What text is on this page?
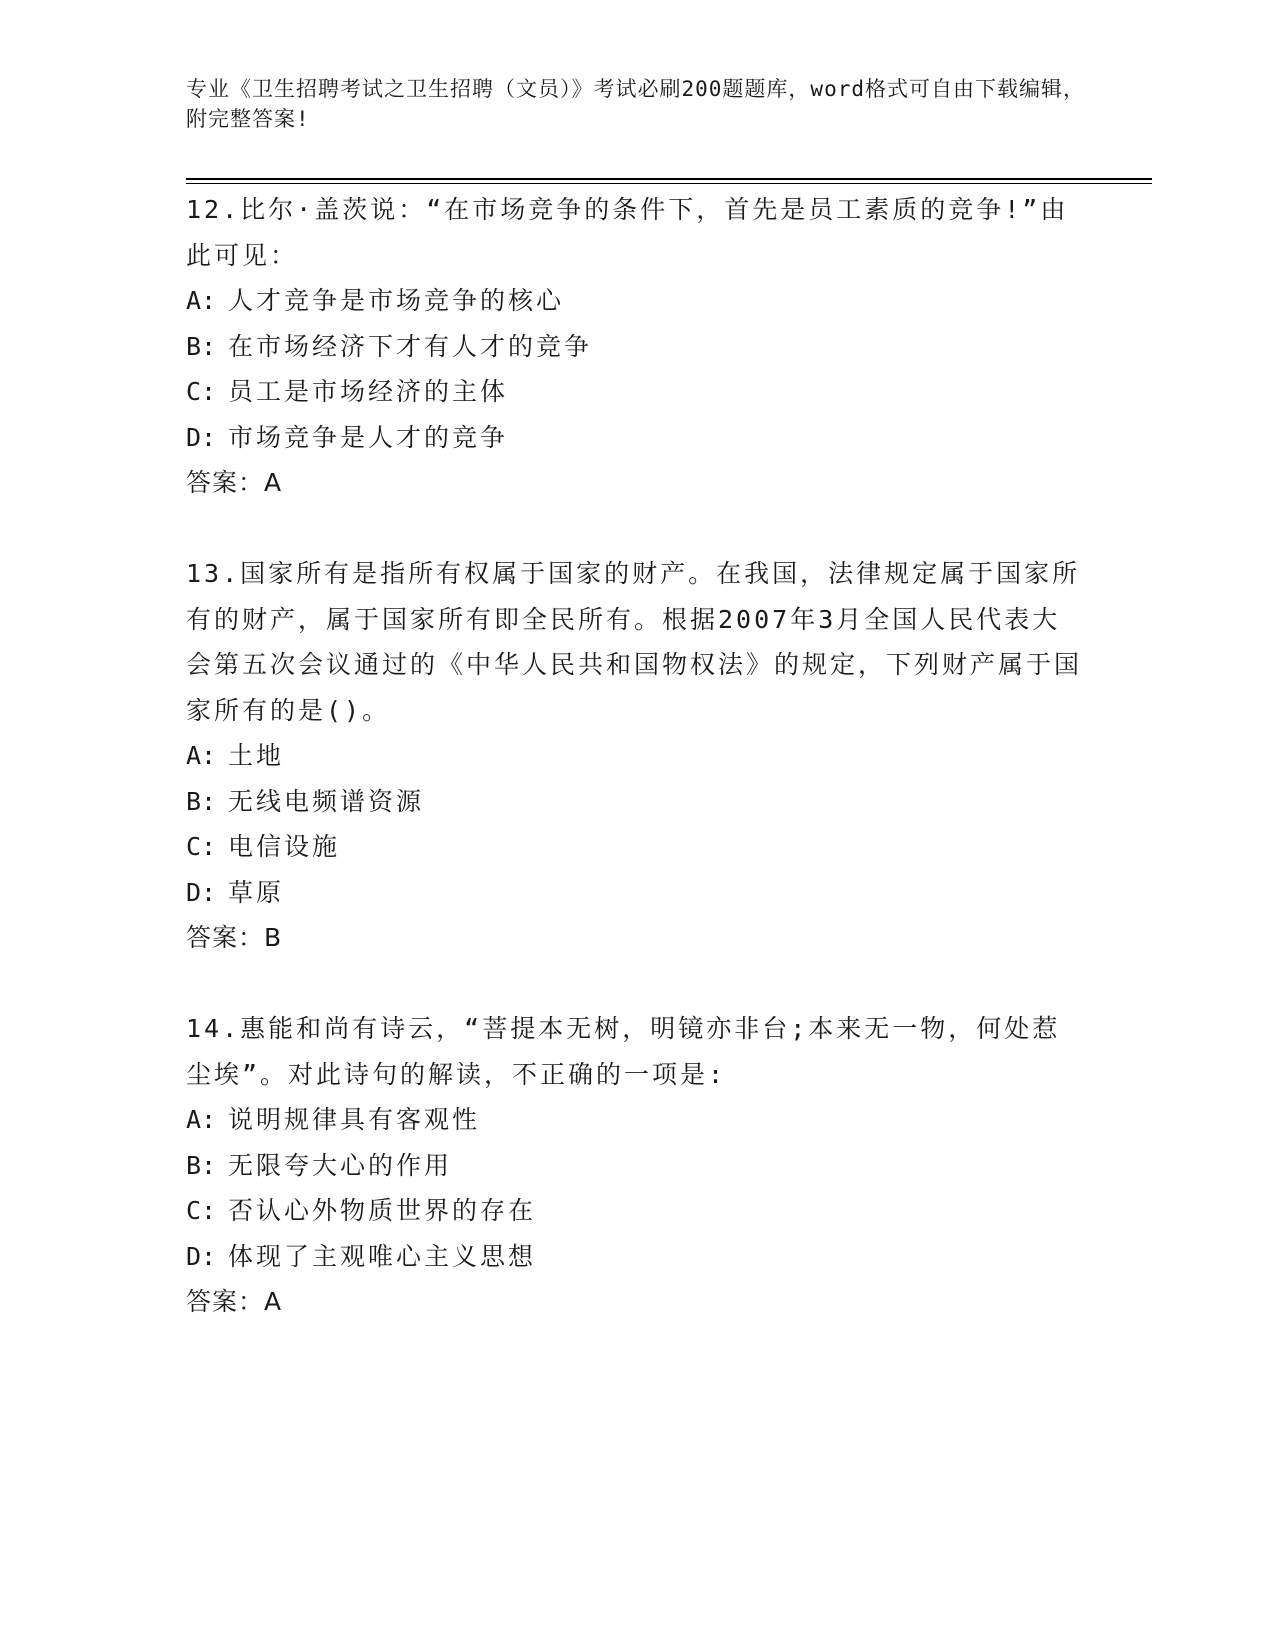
专业《卫生招聘考试之卫生招聘（文员）》考试必刷200题题库，word格式可自由下载编辑，附完整答案!

12.比尔·盖茨说：“在市场竞争的条件下，首先是员工素质的竞争!”由此可见：

A: 人才竞争是市场竞争的核心

B: 在市场经济下才有人才的竞争

C: 员工是市场经济的主体

D: 市场竞争是人才的竞争

答案：A

13.国家所有是指所有权属于国家的财产。在我国，法律规定属于国家所有的财产，属于国家所有即全民所有。根据2007年3月全国人民代表大会第五次会议通过的《中华人民共和国物权法》的规定，下列财产属于国家所有的是()。

A: 土地

B: 无线电频谱资源

C: 电信设施

D: 草原

答案：B

14.惠能和尚有诗云，“菩提本无树，明镜亦非台;本来无一物，何处惹尘埃”。对此诗句的解读，不正确的一项是:

A: 说明规律具有客观性

B: 无限夸大心的作用

C: 否认心外物质世界的存在

D: 体现了主观唯心主义思想

答案：A
